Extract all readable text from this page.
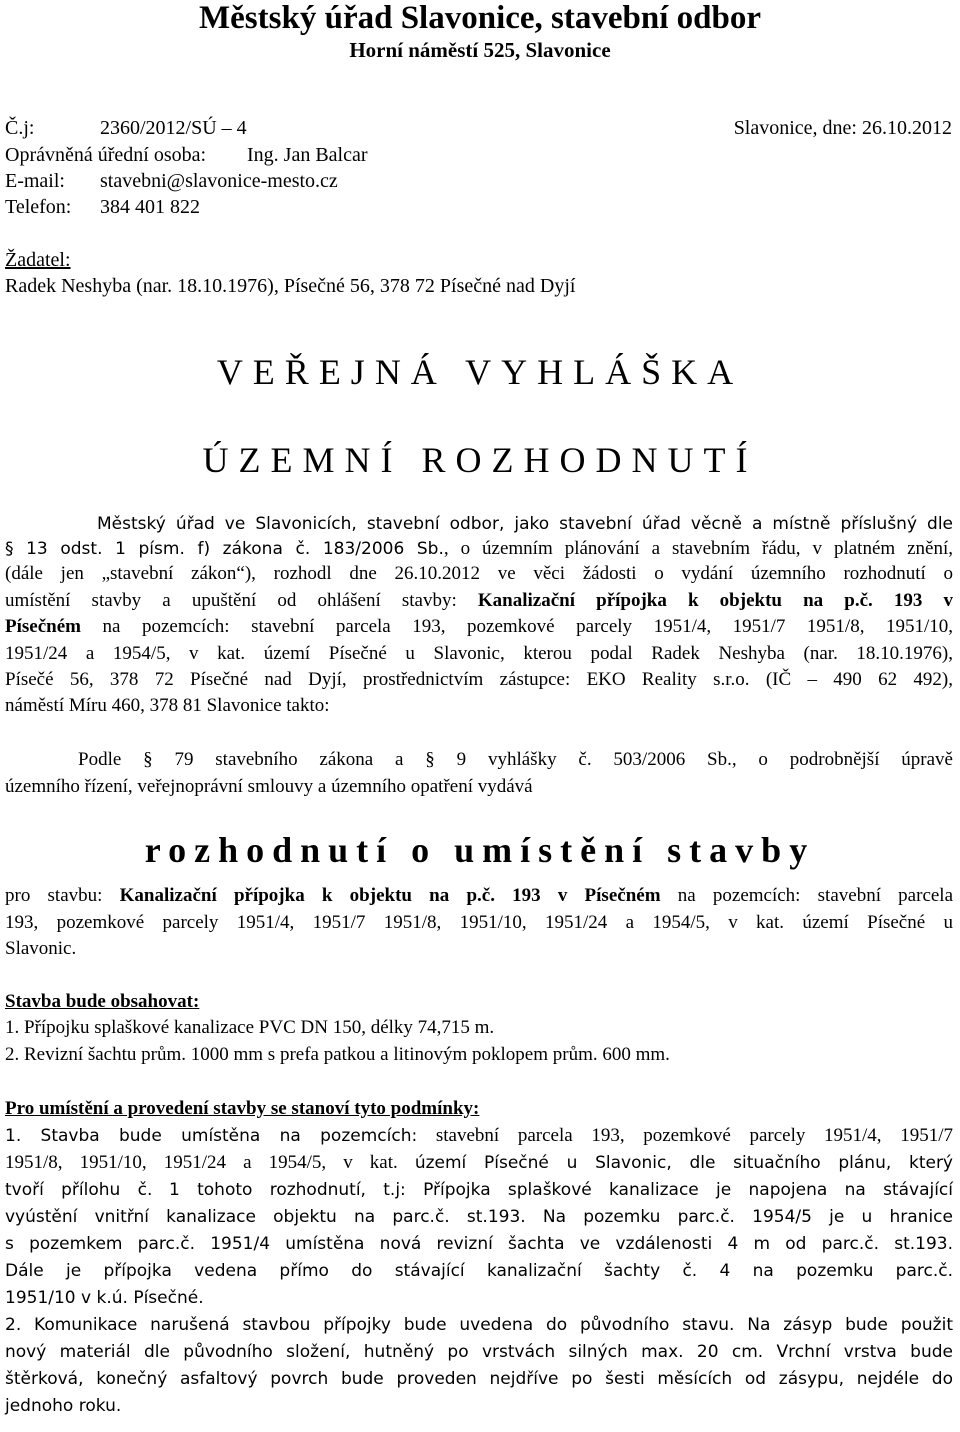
Městský úřad Slavonice, stavební odbor
Horní náměstí 525, Slavonice
Č.j:	2360/2012/SÚ – 4	Slavonice, dne: 26.10.2012
Oprávněná úřední osoba: Ing. Jan Balcar
E-mail: stavebni@slavonice-mesto.cz
Telefon: 384 401 822
Žadatel:
Radek Neshyba (nar. 18.10.1976), Písečné 56, 378 72 Písečné nad Dyjí
VEŘEJNÁ VYHLÁŠKA
ÚZEMNÍ ROZHODNUTÍ
Městský úřad ve Slavonicích, stavební odbor, jako stavební úřad věcně a místně příslušný dle
§ 13 odst. 1 písm. f) zákona č. 183/2006 Sb., o územním plánování a stavebním řádu, v platném znění,
(dále jen „stavební zákon“), rozhodl dne 26.10.2012 ve věci žádosti o vydání územního rozhodnutí o
umístění stavby a upuštění od ohlášení stavby: Kanalizační přípojka k objektu na p.č. 193 v
Písečném na pozemcích: stavební parcela 193, pozemkové parcely 1951/4, 1951/7 1951/8, 1951/10,
1951/24 a 1954/5, v kat. území Písečné u Slavonic, kterou podal Radek Neshyba (nar. 18.10.1976),
Písečé 56, 378 72 Písečné nad Dyjí, prostřednictvím zástupce: EKO Reality s.r.o. (IČ – 490 62 492),
náměstí Míru 460, 378 81 Slavonice takto:
Podle § 79 stavebního zákona a § 9 vyhlášky č. 503/2006 Sb., o podrobnější úpravě
územního řízení, veřejnoprávní smlouvy a územního opatření vydává
rozhodnutí o umístění stavby
pro stavbu: Kanalizační přípojka k objektu na p.č. 193 v Písečném na pozemcích: stavební parcela
193, pozemkové parcely 1951/4, 1951/7 1951/8, 1951/10, 1951/24 a 1954/5, v kat. území Písečné u
Slavonic.
Stavba bude obsahovat:
1. Přípojku splaškové kanalizace PVC DN 150, délky 74,715 m.
2. Revizní šachtu prům. 1000 mm s prefa patkou a litinovým poklopem prům. 600 mm.
Pro umístění a provedení stavby se stanoví tyto podmínky:
1. Stavba bude umístěna na pozemcích: stavební parcela 193, pozemkové parcely 1951/4, 1951/7
1951/8, 1951/10, 1951/24 a 1954/5, v kat. území Písečné u Slavonic, dle situačního plánu, který
tvoří přílohu č. 1 tohoto rozhodnutí, t.j: Přípojka splaškové kanalizace je napojena na stávající
vyústění vnitřní kanalizace objektu na parc.č. st.193. Na pozemku parc.č. 1954/5 je u hranice
s pozemkem parc.č. 1951/4 umístěna nová revizní šachta ve vzdálenosti 4 m od parc.č. st.193.
Dále je přípojka vedena přímo do stávající kanalizační šachty č. 4 na pozemku parc.č.
1951/10 v k.ú. Písečné.
2. Komunikace narušená stavbou přípojky bude uvedena do původního stavu. Na zásyp bude použit
nový materiál dle původního složení, hutněný po vrstvách silných max. 20 cm. Vrchní vrstva bude
štěrková, konečný asfaltový povrch bude proveden nejdříve po šesti měsících od zásypu, nejdéle do
jednoho roku.
